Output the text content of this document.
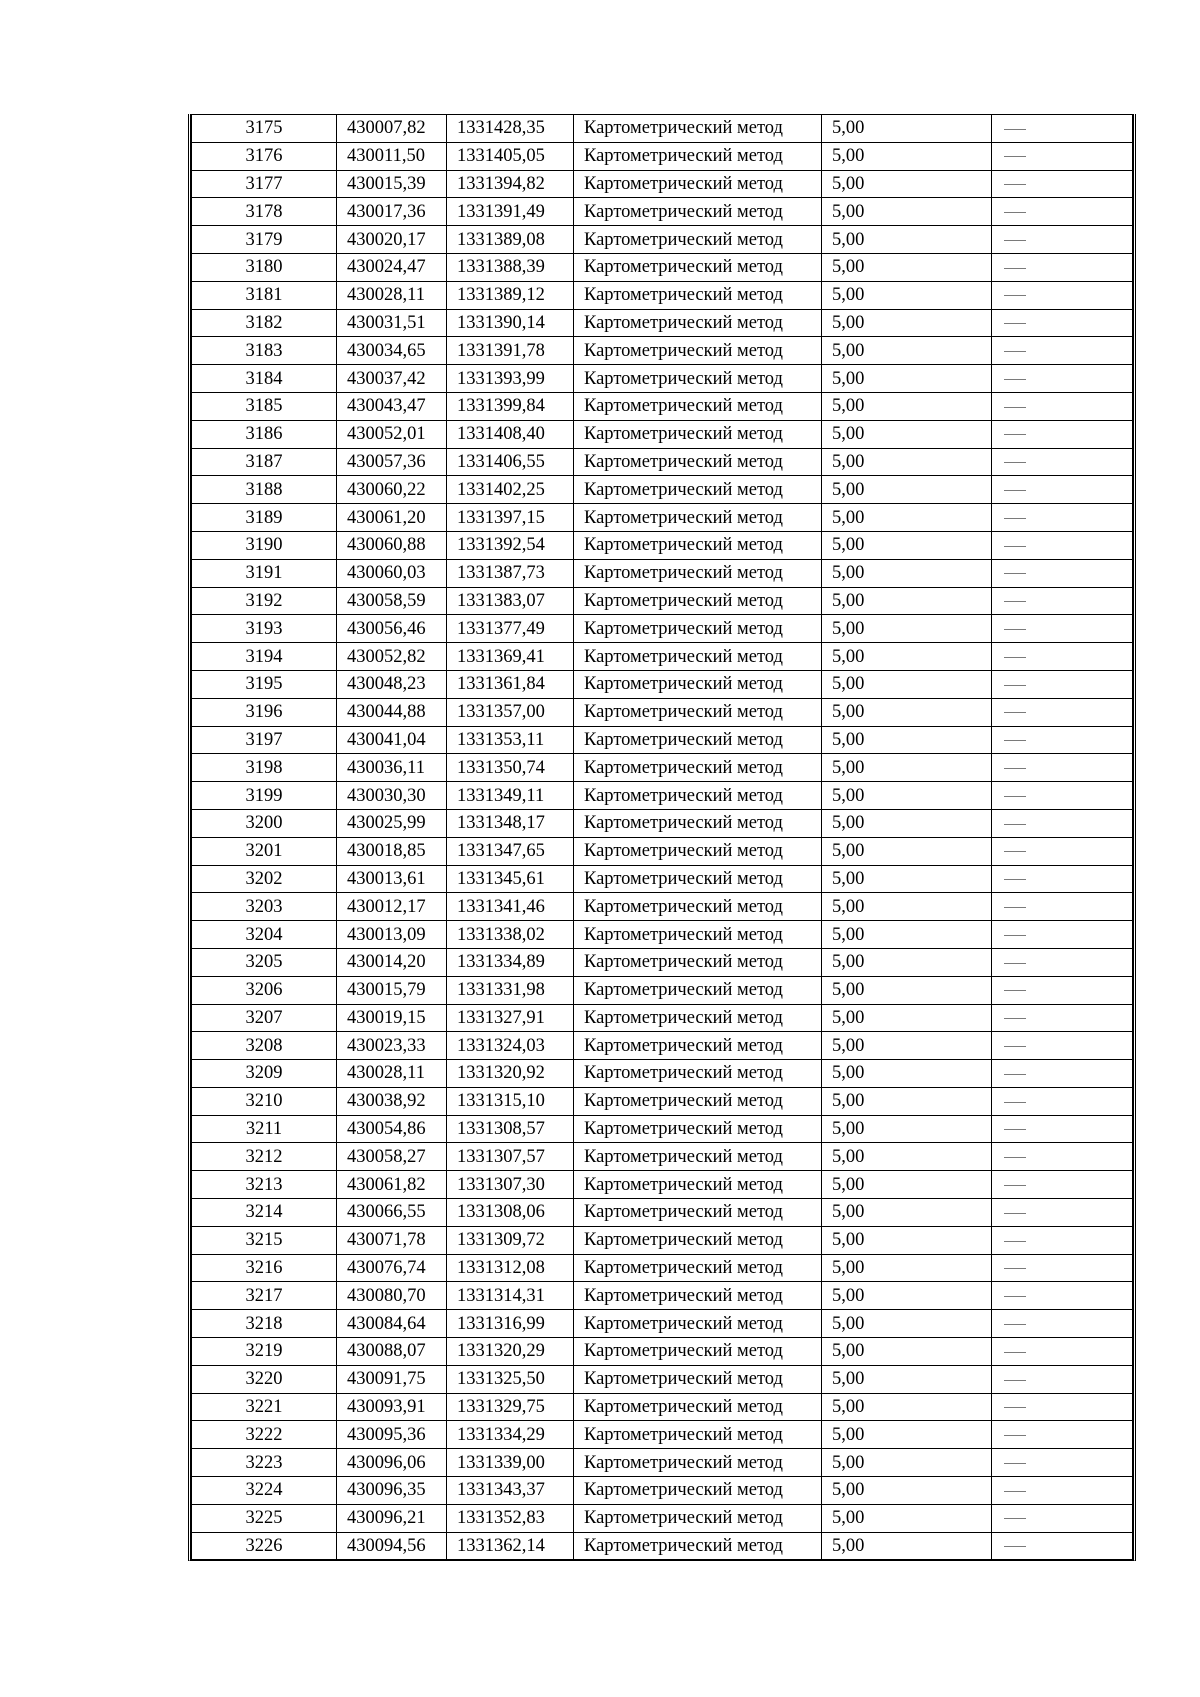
3175	430007,82	1331428,35	Картометрический метод	5,00	
3176	430011,50	1331405,05	Картометрический метод	5,00	
3177	430015,39	1331394,82	Картометрический метод	5,00	
3178	430017,36	1331391,49	Картометрический метод	5,00	
3179	430020,17	1331389,08	Картометрический метод	5,00	
3180	430024,47	1331388,39	Картометрический метод	5,00	
3181	430028,11	1331389,12	Картометрический метод	5,00	
3182	430031,51	1331390,14	Картометрический метод	5,00	
3183	430034,65	1331391,78	Картометрический метод	5,00	
3184	430037,42	1331393,99	Картометрический метод	5,00	
3185	430043,47	1331399,84	Картометрический метод	5,00	
3186	430052,01	1331408,40	Картометрический метод	5,00	
3187	430057,36	1331406,55	Картометрический метод	5,00	
3188	430060,22	1331402,25	Картометрический метод	5,00	
3189	430061,20	1331397,15	Картометрический метод	5,00	
3190	430060,88	1331392,54	Картометрический метод	5,00	
3191	430060,03	1331387,73	Картометрический метод	5,00	
3192	430058,59	1331383,07	Картометрический метод	5,00	
3193	430056,46	1331377,49	Картометрический метод	5,00	
3194	430052,82	1331369,41	Картометрический метод	5,00	
3195	430048,23	1331361,84	Картометрический метод	5,00	
3196	430044,88	1331357,00	Картометрический метод	5,00	
3197	430041,04	1331353,11	Картометрический метод	5,00	
3198	430036,11	1331350,74	Картометрический метод	5,00	
3199	430030,30	1331349,11	Картометрический метод	5,00	
3200	430025,99	1331348,17	Картометрический метод	5,00	
3201	430018,85	1331347,65	Картометрический метод	5,00	
3202	430013,61	1331345,61	Картометрический метод	5,00	
3203	430012,17	1331341,46	Картометрический метод	5,00	
3204	430013,09	1331338,02	Картометрический метод	5,00	
3205	430014,20	1331334,89	Картометрический метод	5,00	
3206	430015,79	1331331,98	Картометрический метод	5,00	
3207	430019,15	1331327,91	Картометрический метод	5,00	
3208	430023,33	1331324,03	Картометрический метод	5,00	
3209	430028,11	1331320,92	Картометрический метод	5,00	
3210	430038,92	1331315,10	Картометрический метод	5,00	
3211	430054,86	1331308,57	Картометрический метод	5,00	
3212	430058,27	1331307,57	Картометрический метод	5,00	
3213	430061,82	1331307,30	Картометрический метод	5,00	
3214	430066,55	1331308,06	Картометрический метод	5,00	
3215	430071,78	1331309,72	Картометрический метод	5,00	
3216	430076,74	1331312,08	Картометрический метод	5,00	
3217	430080,70	1331314,31	Картометрический метод	5,00	
3218	430084,64	1331316,99	Картометрический метод	5,00	
3219	430088,07	1331320,29	Картометрический метод	5,00	
3220	430091,75	1331325,50	Картометрический метод	5,00	
3221	430093,91	1331329,75	Картометрический метод	5,00	
3222	430095,36	1331334,29	Картометрический метод	5,00	
3223	430096,06	1331339,00	Картометрический метод	5,00	
3224	430096,35	1331343,37	Картометрический метод	5,00	
3225	430096,21	1331352,83	Картометрический метод	5,00	
3226	430094,56	1331362,14	Картометрический метод	5,00	
